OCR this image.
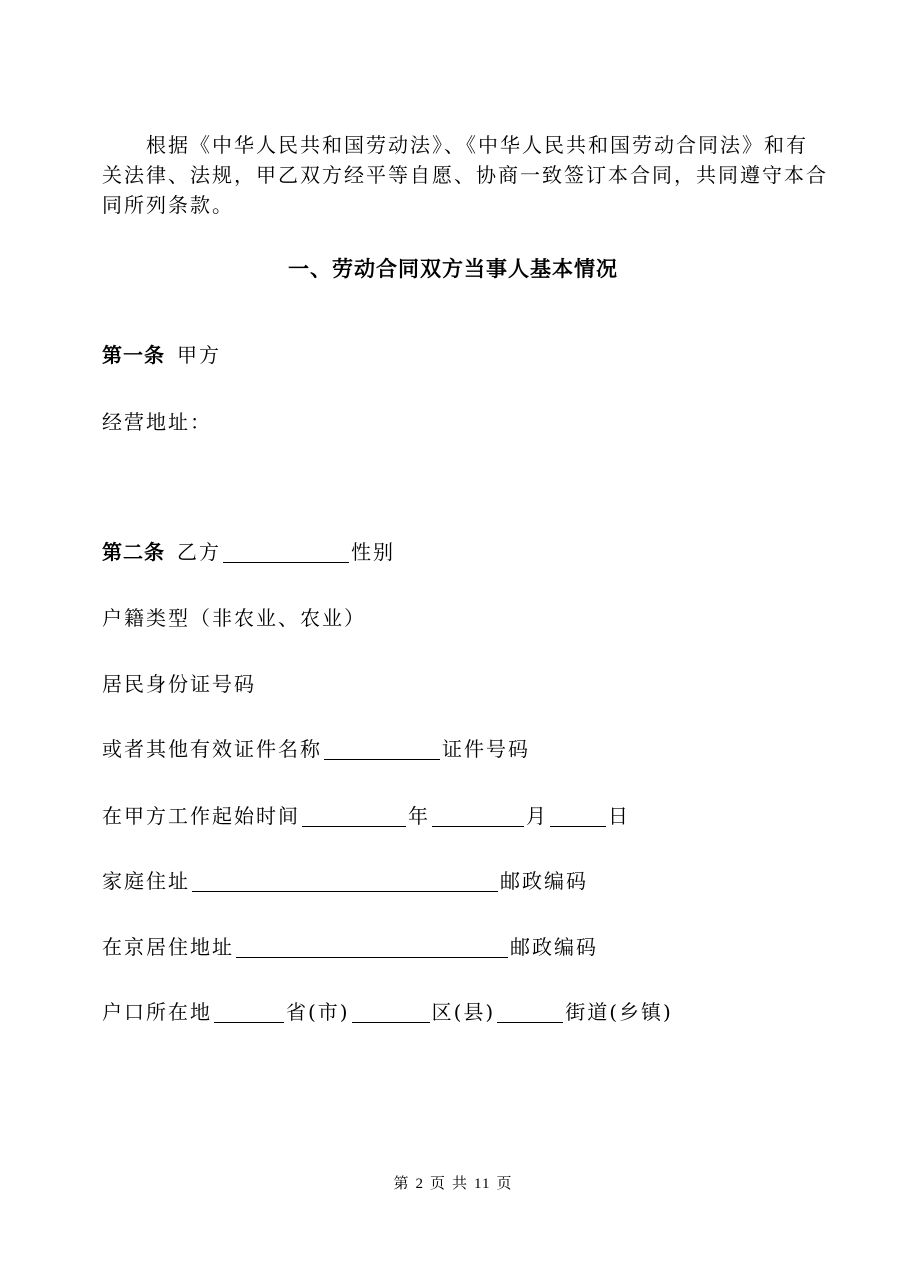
　　根据《中华人民共和国劳动法》、《中华人民共和国劳动合同法》和有

关法律、法规，甲乙双方经平等自愿、协商一致签订本合同，共同遵守本合

同所列条款。

一、劳动合同双方当事人基本情况
第一条 甲方
经营地址：
第二条 乙方	性别
户籍类型（非农业、农业）
居民身份证号码
或者其他有效证件名称	证件号码
在甲方工作起始时间	年	月	日
家庭住址	邮政编码
在京居住地址	邮政编码
户口所在地	省(市)	区(县)	街道(乡镇)
第 2 页 共 11 页
